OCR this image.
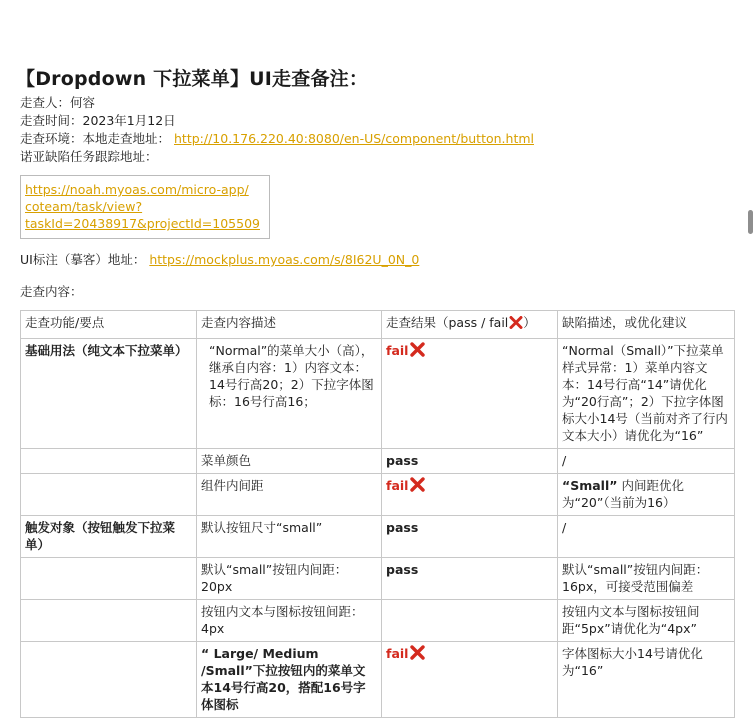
【Dropdown 下拉菜单】UI走查备注：
走查人：何容
走查时间：2023年1月12日
走查环境：本地走查地址： http://10.176.220.40:8080/en-US/component/button.html
诺亚缺陷任务跟踪地址：
https://noah.myoas.com/micro-app/
coteam/task/view?
taskId=20438917&projectId=105509
UI标注（摹客）地址： https://mockplus.myoas.com/s/8I62U_0N_0
走查内容：
走查功能/要点	走查内容描述	走查结果（pass / fail ）	缺陷描述，或优化建议
基础用法（纯文本下拉菜单）	“Normal”的菜单大小（高），继承自内容：1）内容文本：14号行高20；2）下拉字体图标：16号行高16；	fail	“Normal（Small）”下拉菜单样式异常：1）菜单内容文本：14号行高“14”请优化为“20行高”；2）下拉字体图标大小14号（当前对齐了行内文本大小）请优化为“16”
	菜单颜色	pass	/
	组件内间距	fail	“Small” 内间距优化为“20”（当前为16）
触发对象（按钮触发下拉菜单）	默认按钮尺寸“small”	pass	/
	默认“small”按钮内间距：20px	pass	默认“small”按钮内间距：16px，可接受范围偏差
	按钮内文本与图标按钮间距：4px		按钮内文本与图标按钮间距“5px”请优化为“4px”
	“ Large/ Medium /Small”下拉按钮内的菜单文本14号行高20，搭配16号字体图标	fail	字体图标大小14号请优化为“16”
